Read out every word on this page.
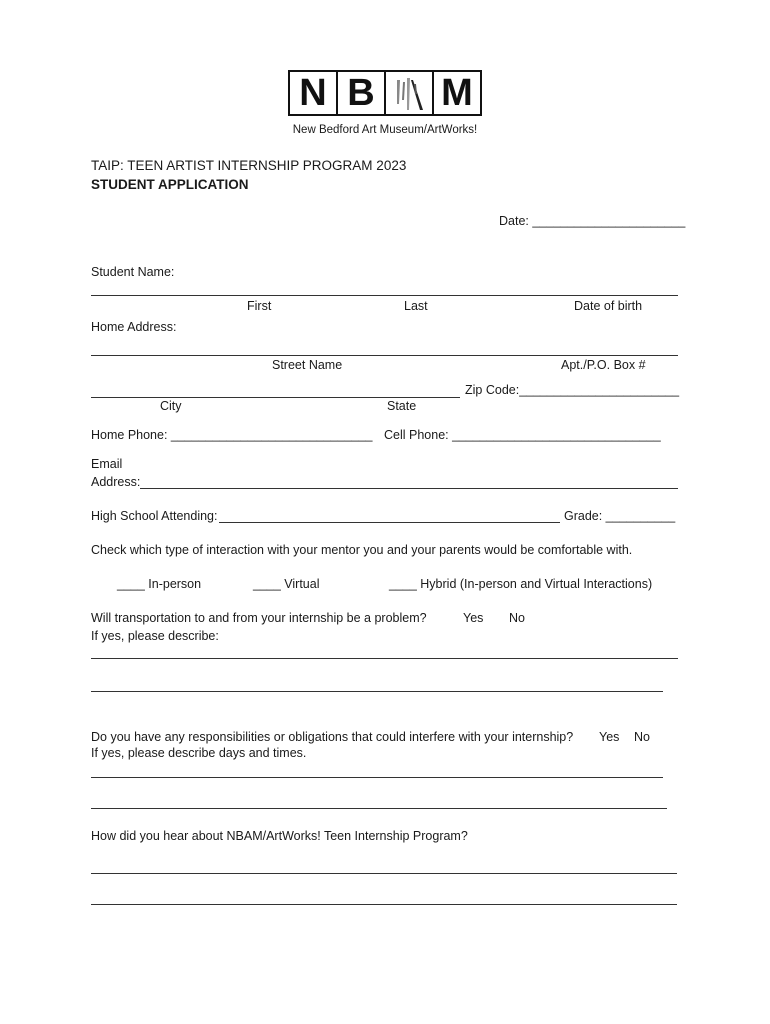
N B M
New Bedford Art Museum/ArtWorks!
TAIP: TEEN ARTIST INTERNSHIP PROGRAM 2023
STUDENT APPLICATION
Date: ______________________
Student Name:
First	Last	Date of birth
Home Address:
Street Name	Apt./P.O. Box #
Zip Code:_______________________
City	State
Home Phone: _____________________________ Cell Phone: ______________________________
Email
Address:
High School Attending:	Grade: __________
Check which type of interaction with your mentor you and your parents would be comfortable with.
____ In-person	____ Virtual	____ Hybrid (In-person and Virtual Interactions)
Will transportation to and from your internship be a problem?	Yes No
If yes, please describe:
Do you have any responsibilities or obligations that could interfere with your internship? Yes No
If yes, please describe days and times.
How did you hear about NBAM/ArtWorks! Teen Internship Program?
